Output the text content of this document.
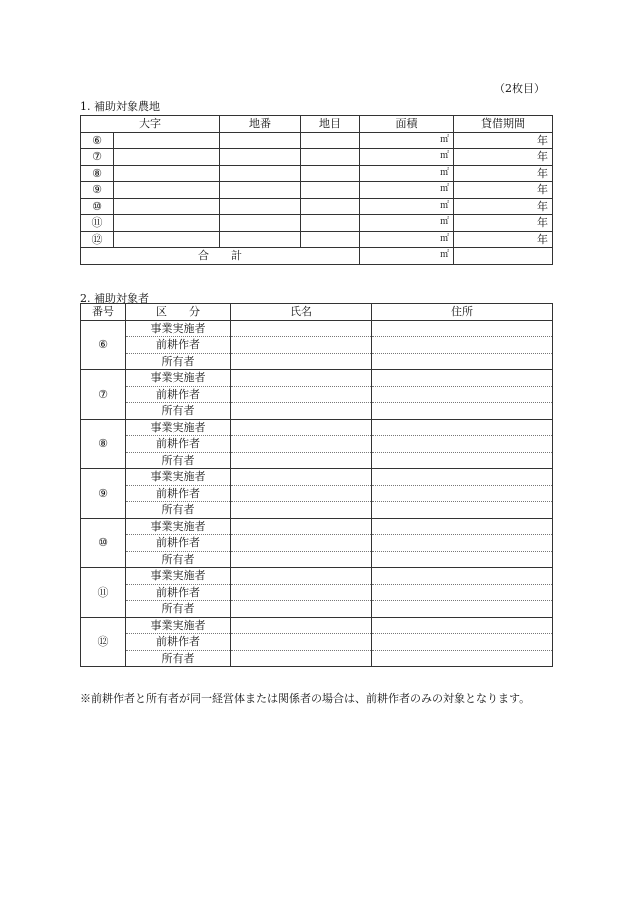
（2枚目）
1. 補助対象農地
大字		地番	地目	面積	貸借期間
⑥				㎡	年
⑦				㎡	年
⑧				㎡	年
⑨				㎡	年
⑩				㎡	年
⑪				㎡	年
⑫				㎡	年
合　　計				㎡	
2. 補助対象者
番号	区　　分	氏名	住所
⑥	事業実施者		
	前耕作者		
	所有者		
⑦	事業実施者		
	前耕作者		
	所有者		
⑧	事業実施者		
	前耕作者		
	所有者		
⑨	事業実施者		
	前耕作者		
	所有者		
⑩	事業実施者		
	前耕作者		
	所有者		
⑪	事業実施者		
	前耕作者		
	所有者		
⑫	事業実施者		
	前耕作者		
	所有者		
※前耕作者と所有者が同一経営体または関係者の場合は、前耕作者のみの対象となります。
